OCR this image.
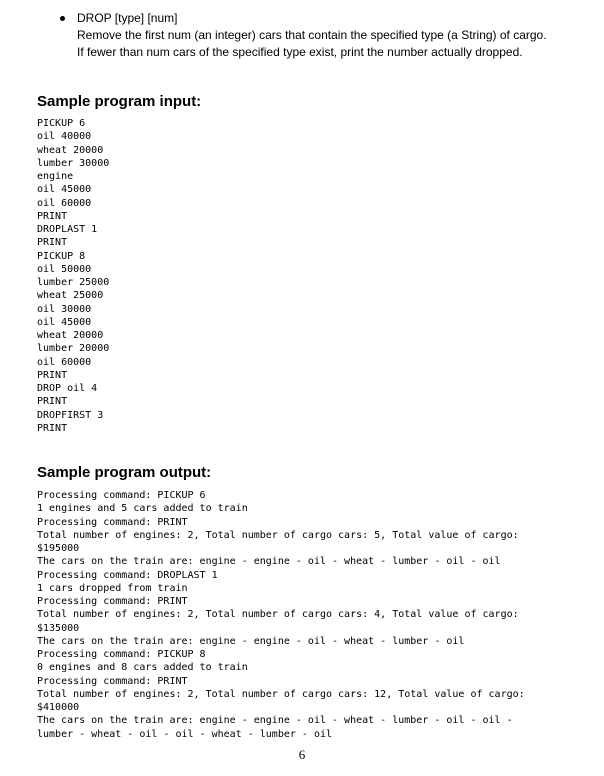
DROP [type] [num]
Remove the first num (an integer) cars that contain the specified type (a String) of cargo.
If fewer than num cars of the specified type exist, print the number actually dropped.
Sample program input:
PICKUP 6
oil 40000
wheat 20000
lumber 30000
engine
oil 45000
oil 60000
PRINT
DROPLAST 1
PRINT
PICKUP 8
oil 50000
lumber 25000
wheat 25000
oil 30000
oil 45000
wheat 20000
lumber 20000
oil 60000
PRINT
DROP oil 4
PRINT
DROPFIRST 3
PRINT
Sample program output:
Processing command: PICKUP 6
1 engines and 5 cars added to train
Processing command: PRINT
Total number of engines: 2, Total number of cargo cars: 5, Total value of cargo:
$195000
The cars on the train are: engine - engine - oil - wheat - lumber - oil - oil
Processing command: DROPLAST 1
1 cars dropped from train
Processing command: PRINT
Total number of engines: 2, Total number of cargo cars: 4, Total value of cargo:
$135000
The cars on the train are: engine - engine - oil - wheat - lumber - oil
Processing command: PICKUP 8
0 engines and 8 cars added to train
Processing command: PRINT
Total number of engines: 2, Total number of cargo cars: 12, Total value of cargo:
$410000
The cars on the train are: engine - engine - oil - wheat - lumber - oil - oil -
lumber - wheat - oil - oil - wheat - lumber - oil
6
